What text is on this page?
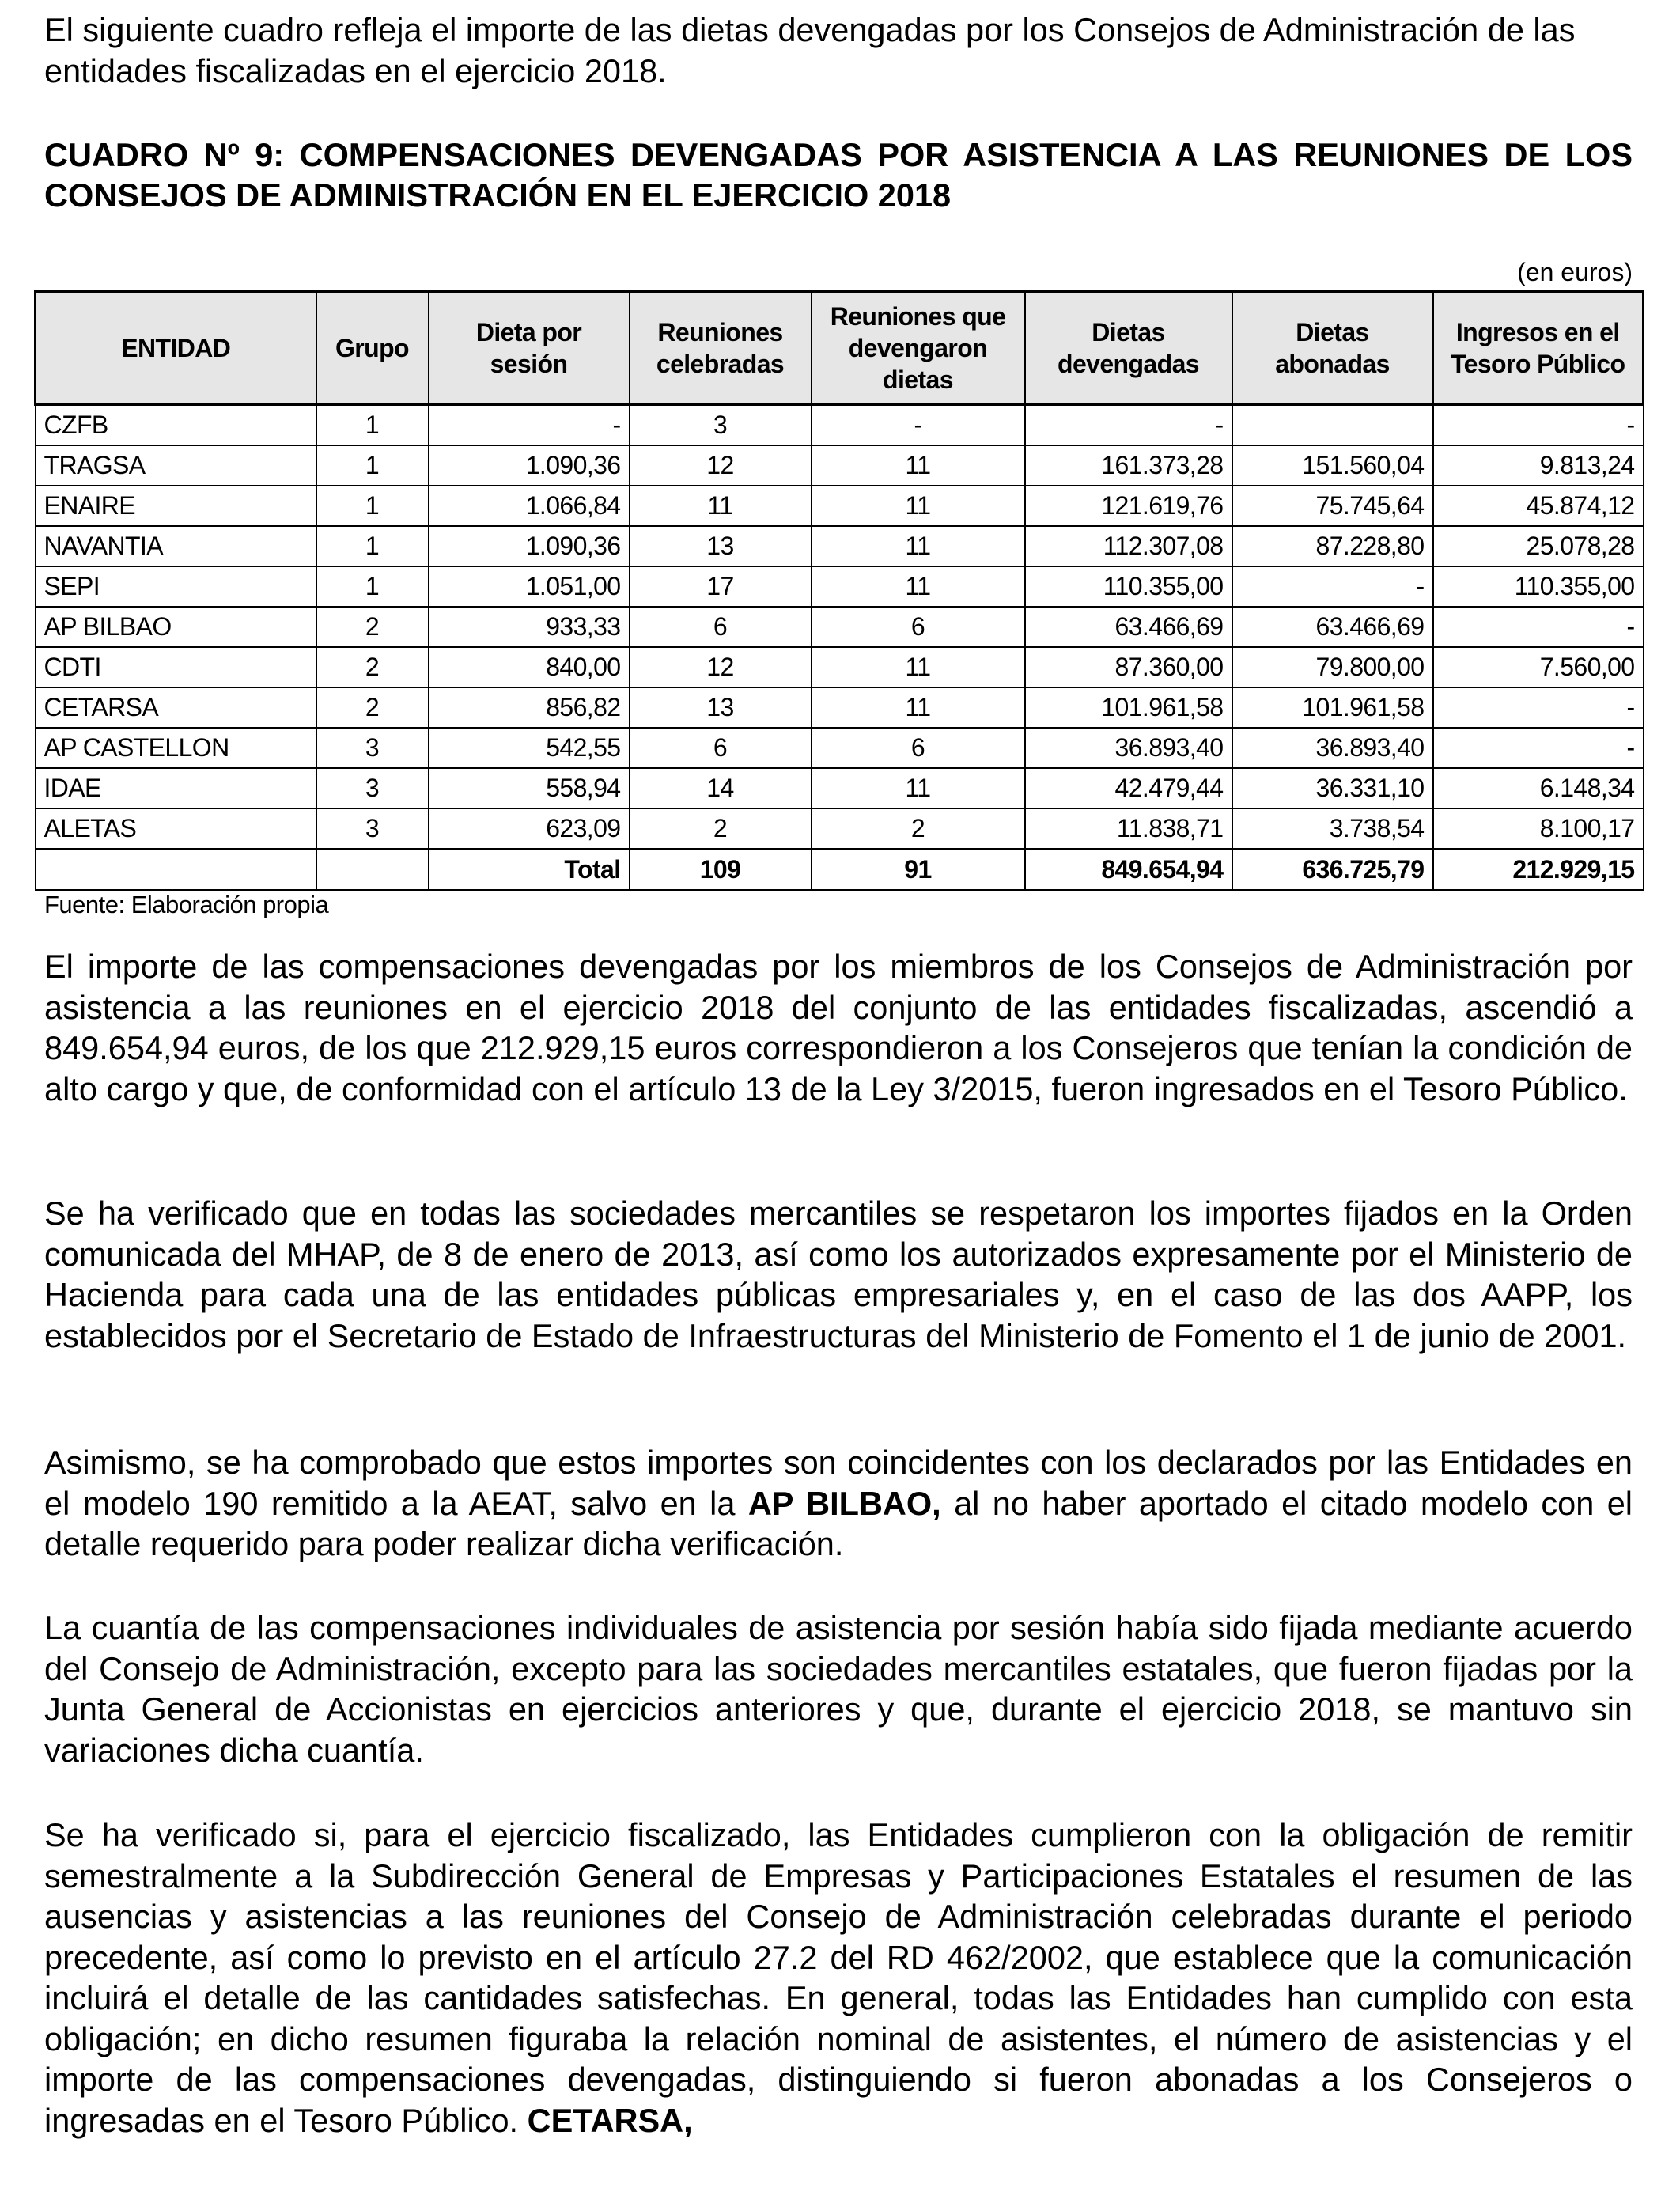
El siguiente cuadro refleja el importe de las dietas devengadas por los Consejos de Administración de las entidades fiscalizadas en el ejercicio 2018.

CUADRO Nº 9: COMPENSACIONES DEVENGADAS POR ASISTENCIA A LAS REUNIONES DE LOS CONSEJOS DE ADMINISTRACIÓN EN EL EJERCICIO 2018

(en euros)
ENTIDAD	Grupo	Dieta por sesión	Reuniones celebradas	Reuniones que devengaron dietas	Dietas devengadas	Dietas abonadas	Ingresos en el Tesoro Público
CZFB	1	-	3	-	-		-
TRAGSA	1	1.090,36	12	11	161.373,28	151.560,04	9.813,24
ENAIRE	1	1.066,84	11	11	121.619,76	75.745,64	45.874,12
NAVANTIA	1	1.090,36	13	11	112.307,08	87.228,80	25.078,28
SEPI	1	1.051,00	17	11	110.355,00	-	110.355,00
AP BILBAO	2	933,33	6	6	63.466,69	63.466,69	-
CDTI	2	840,00	12	11	87.360,00	79.800,00	7.560,00
CETARSA	2	856,82	13	11	101.961,58	101.961,58	-
AP CASTELLON	3	542,55	6	6	36.893,40	36.893,40	-
IDAE	3	558,94	14	11	42.479,44	36.331,10	6.148,34
ALETAS	3	623,09	2	2	11.838,71	3.738,54	8.100,17
		Total	109	91	849.654,94	636.725,79	212.929,15
Fuente: Elaboración propia

El importe de las compensaciones devengadas por los miembros de los Consejos de Administración por asistencia a las reuniones en el ejercicio 2018 del conjunto de las entidades fiscalizadas, ascendió a 849.654,94 euros, de los que 212.929,15 euros correspondieron a los Consejeros que tenían la condición de alto cargo y que, de conformidad con el artículo 13 de la Ley 3/2015, fueron ingresados en el Tesoro Público.

Se ha verificado que en todas las sociedades mercantiles se respetaron los importes fijados en la Orden comunicada del MHAP, de 8 de enero de 2013, así como los autorizados expresamente por el Ministerio de Hacienda para cada una de las entidades públicas empresariales y, en el caso de las dos AAPP, los establecidos por el Secretario de Estado de Infraestructuras del Ministerio de Fomento el 1 de junio de 2001.

Asimismo, se ha comprobado que estos importes son coincidentes con los declarados por las Entidades en el modelo 190 remitido a la AEAT, salvo en la AP BILBAO, al no haber aportado el citado modelo con el detalle requerido para poder realizar dicha verificación.

La cuantía de las compensaciones individuales de asistencia por sesión había sido fijada mediante acuerdo del Consejo de Administración, excepto para las sociedades mercantiles estatales, que fueron fijadas por la Junta General de Accionistas en ejercicios anteriores y que, durante el ejercicio 2018, se mantuvo sin variaciones dicha cuantía.

Se ha verificado si, para el ejercicio fiscalizado, las Entidades cumplieron con la obligación de remitir semestralmente a la Subdirección General de Empresas y Participaciones Estatales el resumen de las ausencias y asistencias a las reuniones del Consejo de Administración celebradas durante el periodo precedente, así como lo previsto en el artículo 27.2 del RD 462/2002, que establece que la comunicación incluirá el detalle de las cantidades satisfechas. En general, todas las Entidades han cumplido con esta obligación; en dicho resumen figuraba la relación nominal de asistentes, el número de asistencias y el importe de las compensaciones devengadas, distinguiendo si fueron abonadas a los Consejeros o ingresadas en el Tesoro Público. CETARSA,
